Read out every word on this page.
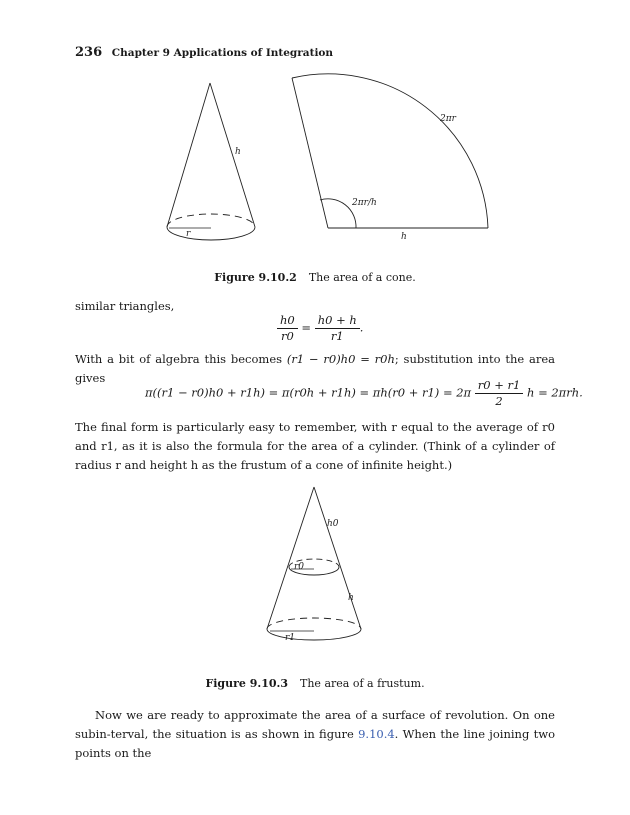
236 Chapter 9 Applications of Integration
h
r
2πr
2πr/h
h
Figure 9.10.2 The area of a cone.
similar triangles,
$\frac{h0}{r0} = \frac{h0 + h}{r1}$ .
With a bit of algebra this becomes (r1 − r0)h0 = r0h; substitution into the area gives
$\pi((r1 - r0)h0 + r1h) = \pi(r0h + r1h) = \pi h(r0 + r1) = 2\pi \frac{r0 + r1}{2}$ h = 2πrh.
The final form is particularly easy to remember, with r equal to the average of r0 and r1, as it is also the formula for the area of a cylinder. (Think of a cylinder of radius r and height h as the frustum of a cone of infinite height.)
h0
r0
h
r1
Figure 9.10.3 The area of a frustum.
Now we are ready to approximate the area of a surface of revolution. On one subin-terval, the situation is as shown in figure 9.10.4. When the line joining two points on the
